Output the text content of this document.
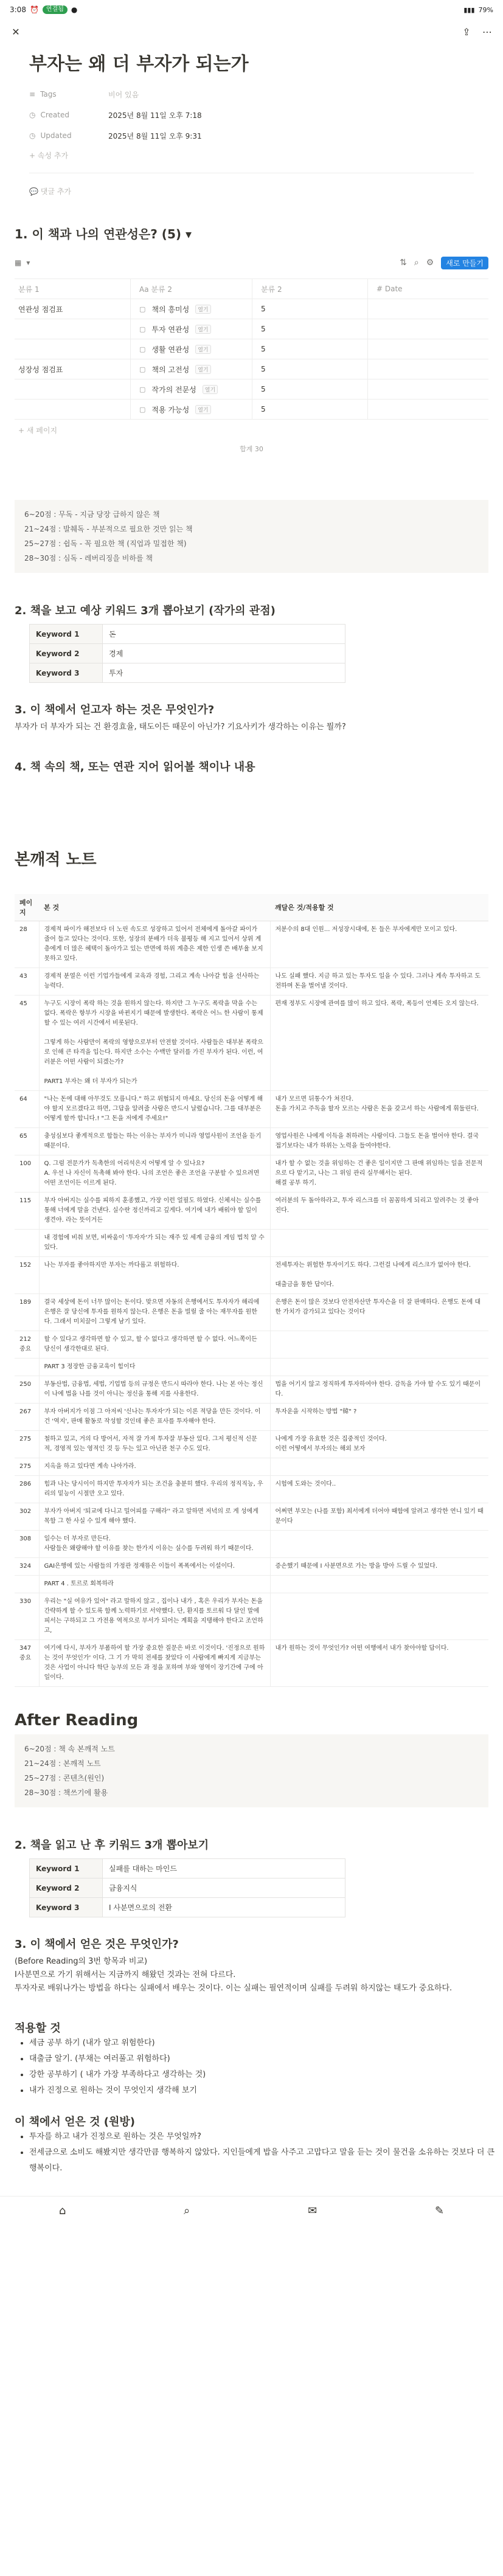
3:08 ⏰	연결됨	●	▮▮▮ 79%
✕	⇪ ⋯
부자는 왜 더 부자가 되는가
≡ Tags	비어 있음
◷ Created	2025년 8월 11일 오후 7:18
◷ Updated	2025년 8월 11일 오후 9:31
+ 속성 추가
💬 댓글 추가
1. 이 책과 나의 연관성은? (5) ▾
▦ ▾	⇅ ⌕ ⚙	새로 만들기
분류 1	Aa 분류 2	분류 2	# Date
연관성 점검표	▢ 책의 흥미성	열기	5
▢ 투자 연관성	열기	5
▢ 생활 연관성	열기	5
성장성 점검표	▢ 책의 고전성	열기	5
▢ 작가의 전문성	열기	5
▢ 적용 가능성	열기	5
+ 새 페이지
합계 30

6~20점 : 무독 - 지금 당장 급하지 않은 책

21~24점 : 발췌독 - 부분적으로 필요한 것만 읽는 책

25~27점 : 쉽독 - 꼭 필요한 책 (직업과 밀접한 책)

28~30점 : 심독 - 레버리징을 비하를 책

2. 책을 보고 예상 키워드 3개 뽑아보기 (작가의 관점)
Keyword 1	돈
Keyword 2	경제
Keyword 3	투자
3. 이 책에서 얻고자 하는 것은 무엇인가?

부자가 더 부자가 되는 건 환경효율, 태도이든 때문이 아닌가? 기요사키가 생각하는 이유는 뭘까?

4. 책 속의 책, 또는 연관 지어 읽어볼 책이나 내용
본깨적 노트
페이지	본 것	깨달은 것/적용할 것
28	경제적 파이가 해전보다 더 노린 속도로 성장하고 있어서 전체에게 돌아갈 파이가 줄어 들고 있다는 것이다. 또한, 성장의 분배가 더욱 불평등 해 지고 있어서 상위 계층에게 더 많은 혜택이 돌아가고 있는 반면에 하위 계층은 제한 인생 쓴 배부율 보지 못하고 있다.	저분수의 8대 인원... 저성장시대에, 돈 들은 부자에게만 모이고 있다.
43	경제적 분열은 이런 기업가들에게 교육과 경험, 그리고 계속 나아갈 힘을 선사하는 능력다.	나도 실패 했다. 지금 하고 있는 투자도 일을 수 있다. 그러나 계속 투자하고 도전하며 돈을 벌어낼 것이다.
45	누구도 시장이 폭락 하는 것을 원하지 않는다. 하지만 그 누구도 폭락을 막을 수는 없다. 폭락은 항부가 시장을 바뀐지기 때문에 발생한다. 폭락은 어느 한 사람이 통제할 수 있는 여러 시간에서 비롯된다.

그렇게 하는 사람만이 폭락의 영향으로부터 안전할 것이다. 사람들은 대부분 폭락으로 인해 큰 타격을 입는다. 하지만 소수는 수백만 달러를 가진 부자가 된다. 이런, 여러분은 어떤 사람이 되겠는가?

PART1 부자는 왜 더 부자가 되는가	편재 정부도 시장에 관여를 많이 하고 있다. 폭락, 폭등이 언제든 오지 않는다.
64	"나는 돈에 대해 아무것도 모릅니다." 하고 위협되지 마세요. 당신의 돈을 어떻게 해야 할지 모르겠다고 하면, 그답을 알려줄 사람은 반드시 날렸습니다. 그를 대부분은 어떻게 할까 합니다.! "그 돈을 저에게 주세요!"	내가 모르면 뒤통수가 쳐진다.
돈을 가치고 주독을 할자 모르는 사람은 돈을 갖고서 하는 사람에게 휘둘린다.
65	충성심보다 좋게적으로 합들는 하는 이유는 부자가 미니라 영업사원이 조언을 듣기 때문이다.	영업사원은 나에게 이득을 취하려는 사람이다. 그들도 돈을 벌어야 한다. 결국 접기보다는 내가 하위는 노력을 들여야한다.
100	Q. 그럼 전문가가 독촉한의 어리석은지 어떻게 알 수 있나요?
A. 우선 나 자신이 독촉해 봐야 한다. 나의 조언은 좋은 조언을 구분할 수 있으려면 어떤 조언이든 이르게 된다.	내가 할 수 없는 것을 위임하는 건 좋은 일이지만 그 판매 위임하는 일을 전문적으로 다 맡기고, 나는 그 위임 관리 실무해서는 된다.
해결 공부 하기.
115	부자 아버지는 실수를 피하지 훈종했고, 가장 이런 얼필도 하였다. 신체셔는 실수를 통해 너에게 말을 건낸다. 실수란 정신까리고 깊게다. 여기에 내가 배워야 할 일이 생견야. 라는 뜻이거든	여러분의 두 돌아하라고, 투자 리스크를 더 꼼꼼하게 되리고 알려주는 것 좋아진다.
	내 경험에 비춰 보면, 비싸움이 '투자자'가 되는 재주 있 세계 금융의 게임 법칙 알 수 있다.	
152	나는 부자를 좋아하지만 부자는 까다롭고 위험하다.	전세투자는 위험한 투자이기도 하다. 그런걸 나에게 리스크가 없어야 한다.

대출금을 통한 답이다.
189	결국 세상에 돈이 너무 많이는 돈이다. 맞으면 자동의 은행에서도 투자자가 해리에 은행은 잘 당신에 투자를 원하지 않는다. 은행은 돈을 빌릴 줄 아는 재무자를 원한다. 그래서 미치끌이 그렇게 남기 있다.	은행은 돈이 많은 것보다 안전자산만 투자슨을 더 잘 판매하다. 은행도 돈에 대한 가치가 감가되고 있다는 것이다
212 중요	할 수 있다고 생각하면 할 수 있고, 할 수 없다고 생각하면 할 수 없다. 어느쪽이든 당신이 생각한대로 된다.	
	PART 3 정장한 금융교육이 힘이다	
250	부동산법, 금융법, 세법, 기업법 등의 규정은 반드시 따라야 한다. 나는 본 아는 정신이 나에 법을 나를 것이 아니는 정신을 통해 지를 사용한다.	법을 어기지 않고 정직하게 투자하여야 한다. 감독을 가야 할 수도 있기 때문이다.
267	부자 아버지가 이점 그 아저씨 '신나는 투자자'가 되는 이론 적당을 만든 것이다. 이건 '역지', 판매 활동로 작성할 것인데 좋은 표사를 투자해야 한다.	투자운을 시작하는 방법 "韓" ?
275	철하고 있고, 거의 다 방어서, 자적 잘 가져 투자잘 부동산 있다. 그저 평신적 신문적, 경영적 있는 영적인 것 등 두는 있고 아닌관 천구 수도 있다.	나에게 가장 유효한 것은 집중적인 것이다.
이런 어떻에서 부자의는 해외 보자
275	지옥을 하고 있다면 계속 나아가라.	
286	힘과 나는 당시이이 하지만 투자자가 되는 조건을 충분히 했다. 우리의 정직직능, 우리의 밑능이 시절만 오고 있다.	시험에 도와는 것이다..
302	부자가 아버지 '퇴교에 다니고 밀어피를 구해라'' 라고 알하면 저녁의 로 게 성에게 목함 그 한 사실 수 있게 해야 했다.	어쩌면 부모는 (나를 포함) 최서에게 더어야 때함에 알려고 생각한 연니 있기 때문이다
308	일수는 더 부자로 만든다.
사람들은 왜량해야 할 이유를 찾는 한가지 이유는 실수를 두려워 하기 때문이다.	
324	GAI은행에 있는 사람들의 가정관 정재뜸은 이들이 폭폭에서는 이설이다.	증손했기 때문에 I 사분면으로 가는 방을 방아 드릴 수 있었다.
	PART 4 . 토르로 회복하라	
330	우리는 "실 여유가 있어" 라고 말하지 않고 , 집이나 내가 , 혹은 우리가 부자는 돈을 간략하게 할 수 있도록 함께 노력하기로 서약했다. 단, 환지를 토르워 다 달인 말에 피서는 구하되고 그 가전용 역적으로 부서가 되어는 계획을 지탱해야 한다고 조언하고,	
347 중요	여기에 다시, 부자가 부폼하여 할 가장 중요한 질문은 바로 이것이다. '진정으로 원하는 것이 무엇인가' 이다. 그 기 가 막히 전세를 찾았다 이 사람에게 빠지게 지금부는 것은 사업이 아니다 학단 능부의 모든 과 정을 포하며 부와 영역이 장기간에 구에 아 일이다.	내가 원하는 것이 무엇인가? 어떤 여행에서 내가 찾아야할 답이다.
After Reading

6~20점 : 책 속 본깨적 노트

21~24점 : 본깨적 노트

25~27점 : 콘텐츠(원인)

28~30점 : 책쓰기에 활용

2. 책을 읽고 난 후 키워드 3개 뽑아보기
Keyword 1	실패를 대하는 마인드
Keyword 2	금융지식
Keyword 3	I 사분면으로의 전환
3. 이 책에서 얻은 것은 무엇인가?

(Before Reading의 3번 항목과 비교)

I사분면으로 가기 위해서는 지금까지 해왔던 것과는 전혀 다르다.

투자자로 배워나가는 방법을 하다는 실패에서 배우는 것이다. 이는 실패는 필연적이며 실패를 두려워 하지않는 태도가 중요하다.

적용할 것
• 세금 공부 하기 (내가 알고 위험한다)
• 대출금 알기. (부채는 여러풀고 위험하다)
• 강한 공부하기 ( 내가 가장 부족하다고 생각하는 것)
• 내가 진정으로 원하는 것이 무엇인지 생각해 보기
이 책에서 얻은 것 (원방)
• 투자를 하고 내가 진정으로 원하는 것은 무엇일까?
• 전세금으로 소비도 해봤지만 생각만큼 행복하지 않았다. 지인들에게 밥을 사주고 고맙다고 말을 듣는 것이 물건을 소유하는 것보다 더 큰 행복이다.
⌂	⌕	✉	✎
